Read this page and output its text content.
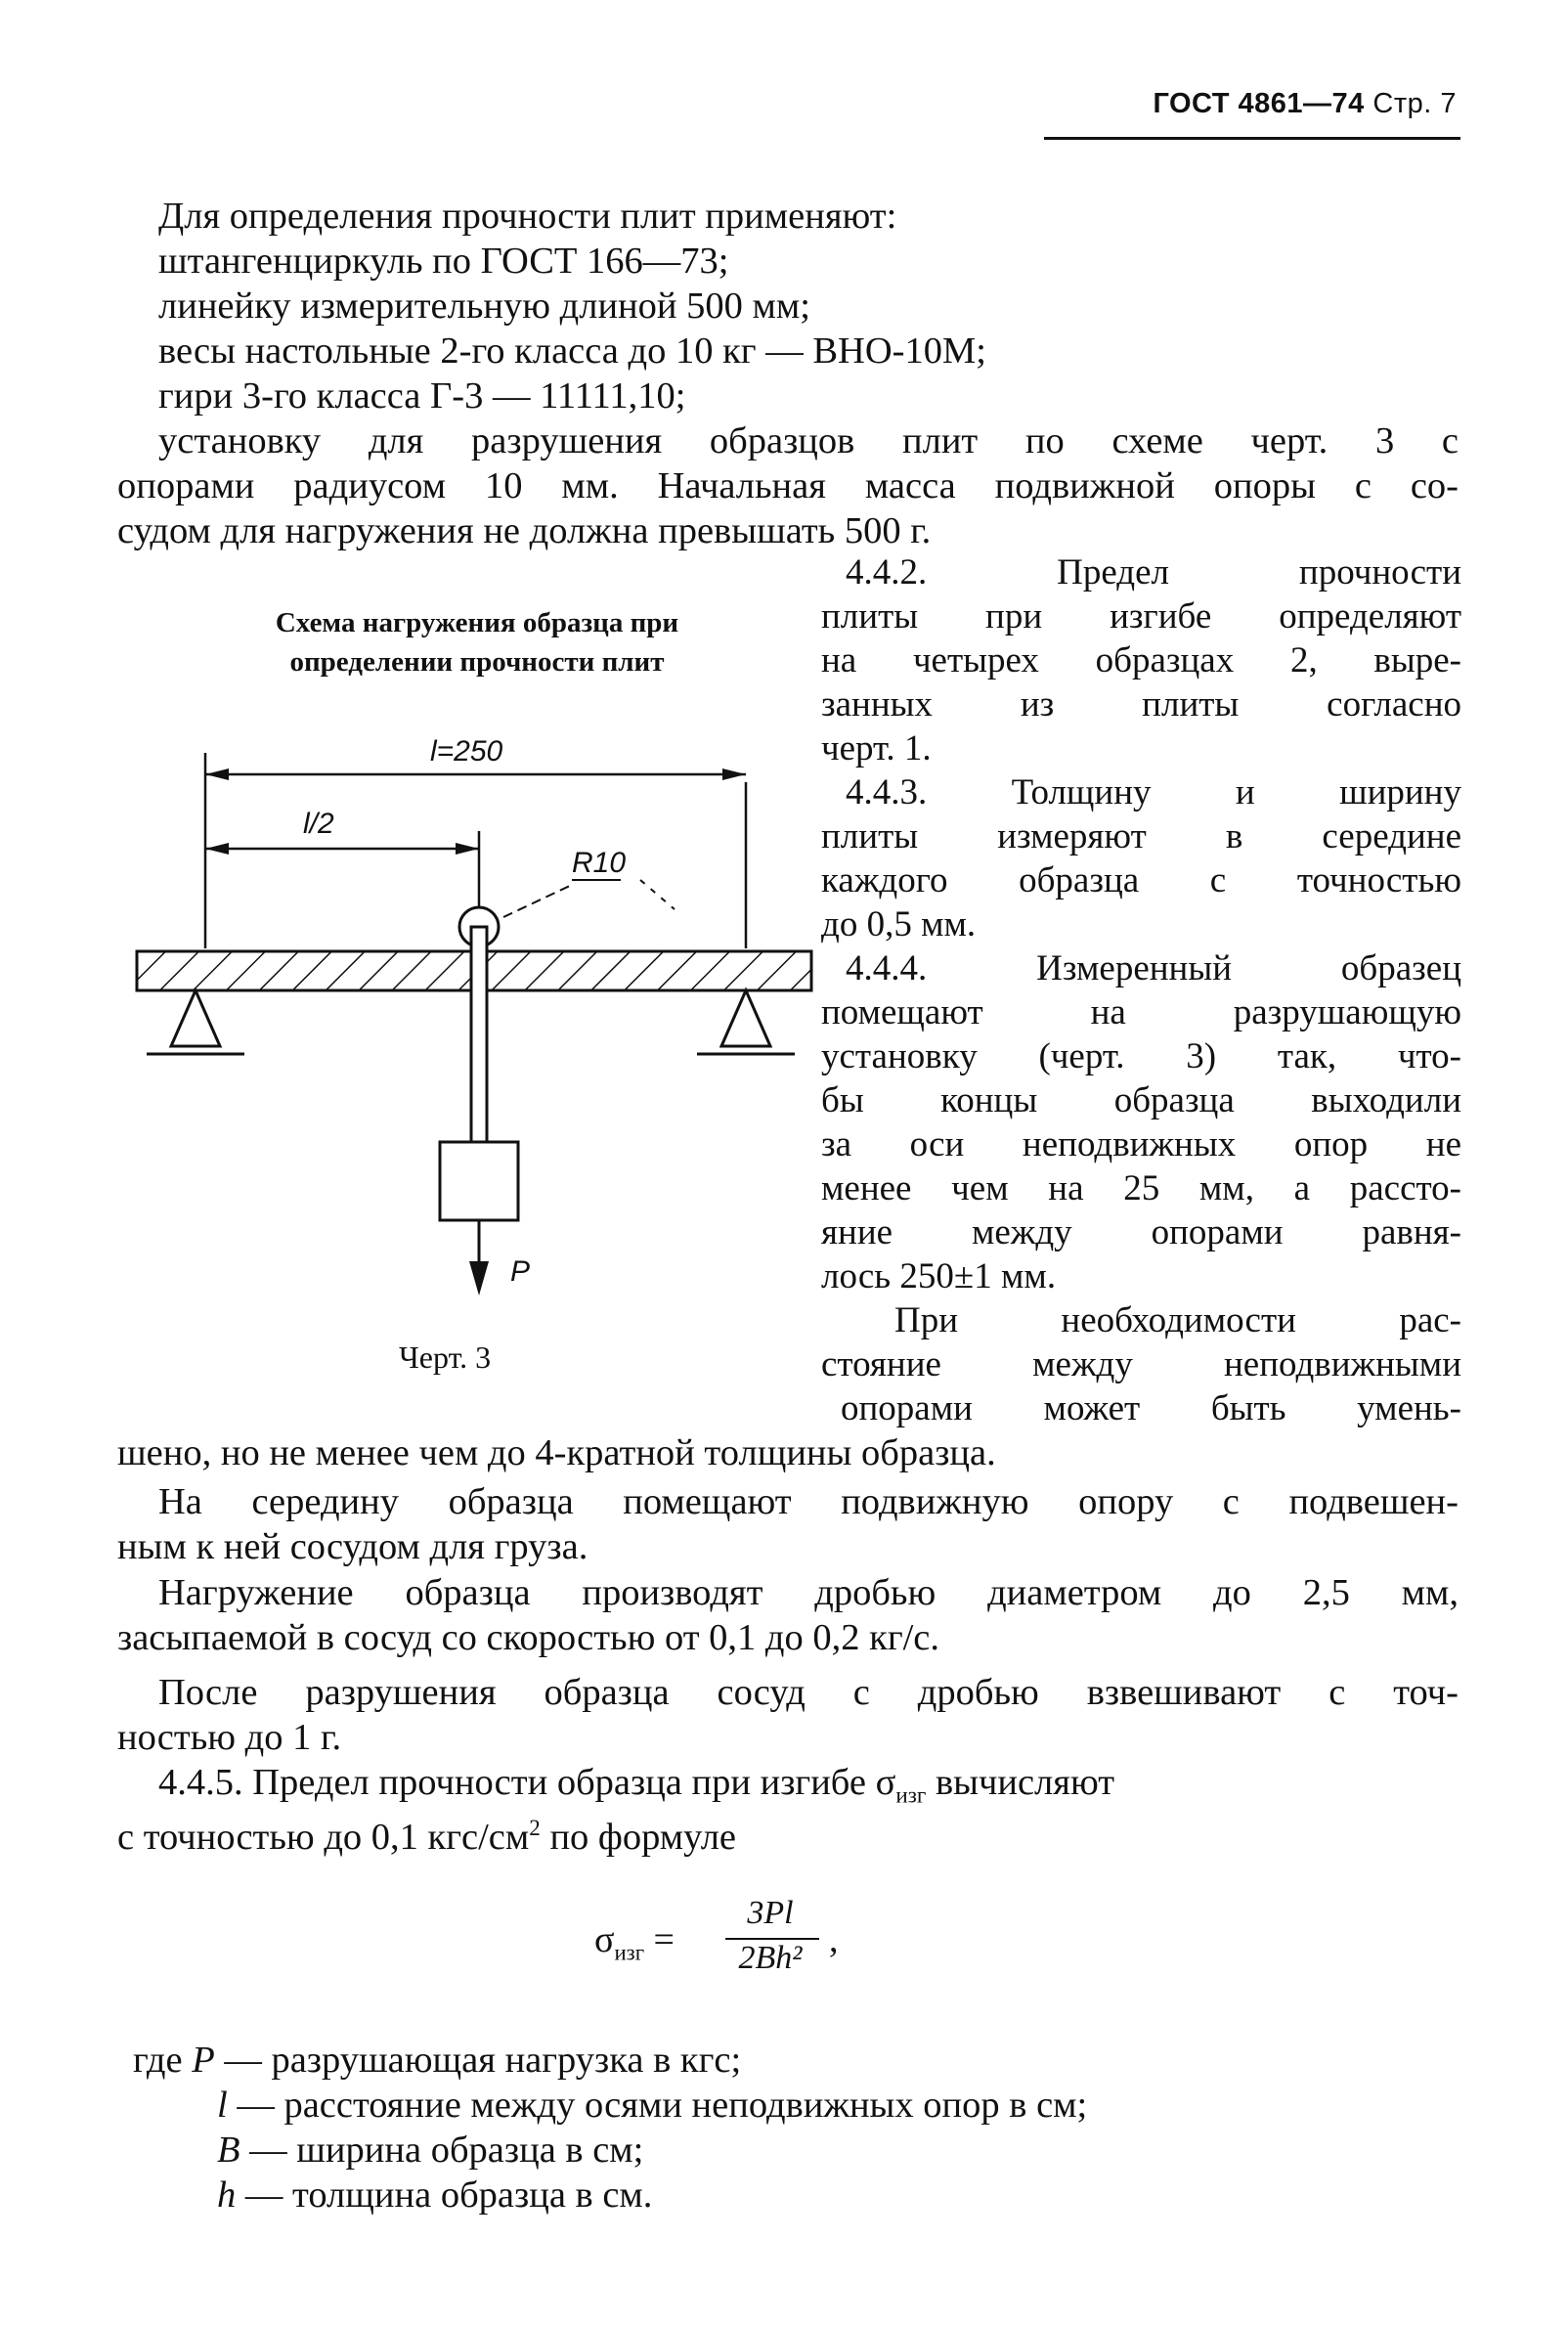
ГОСТ 4861—74 Стр. 7
Для определения прочности плит применяют:
штангенциркуль по ГОСТ 166—73;
линейку измерительную длиной 500 мм;
весы настольные 2-го класса до 10 кг — ВНО-10М;
гири 3-го класса Г-3 — 11111,10;
установку для разрушения образцов плит по схеме черт. 3 с
опорами радиусом 10 мм. Начальная масса подвижной опоры с со-
судом для нагружения не должна превышать 500 г.
Схема нагружения образца при
определении прочности плит
l=250
l/2
R10
P
Черт. 3
4.4.2. Предел прочности
плиты при изгибе определяют
на четырех образцах 2, выре-
занных из плиты согласно
черт. 1.
4.4.3. Толщину и ширину
плиты измеряют в середине
каждого образца с точностью
до 0,5 мм.
4.4.4. Измеренный образец
помещают на разрушающую
установку (черт. 3) так, что-
бы концы образца выходили
за оси неподвижных опор не
менее чем на 25 мм, а рассто-
яние между опорами равня-
лось 250±1 мм.
При необходимости рас-
стояние между неподвижными
опорами может быть умень-
шено, но не менее чем до 4-кратной толщины образца.
На середину образца помещают подвижную опору с подвешен-
ным к ней сосудом для груза.
Нагружение образца производят дробью диаметром до 2,5 мм,
засыпаемой в сосуд со скоростью от 0,1 до 0,2 кг/с.
После разрушения образца сосуд с дробью взвешивают с точ-
ностью до 1 г.
4.4.5. Предел прочности образца при изгибе $\sigma_{изг}$ вычисляют
с точностью до 0,1 кгс/$см^2$ по формуле
$\sigma_{изг}$ =
3Pl
2Bh² ,
где P — разрушающая нагрузка в кгс;
l — расстояние между осями неподвижных опор в см;
B — ширина образца в см;
h — толщина образца в см.
